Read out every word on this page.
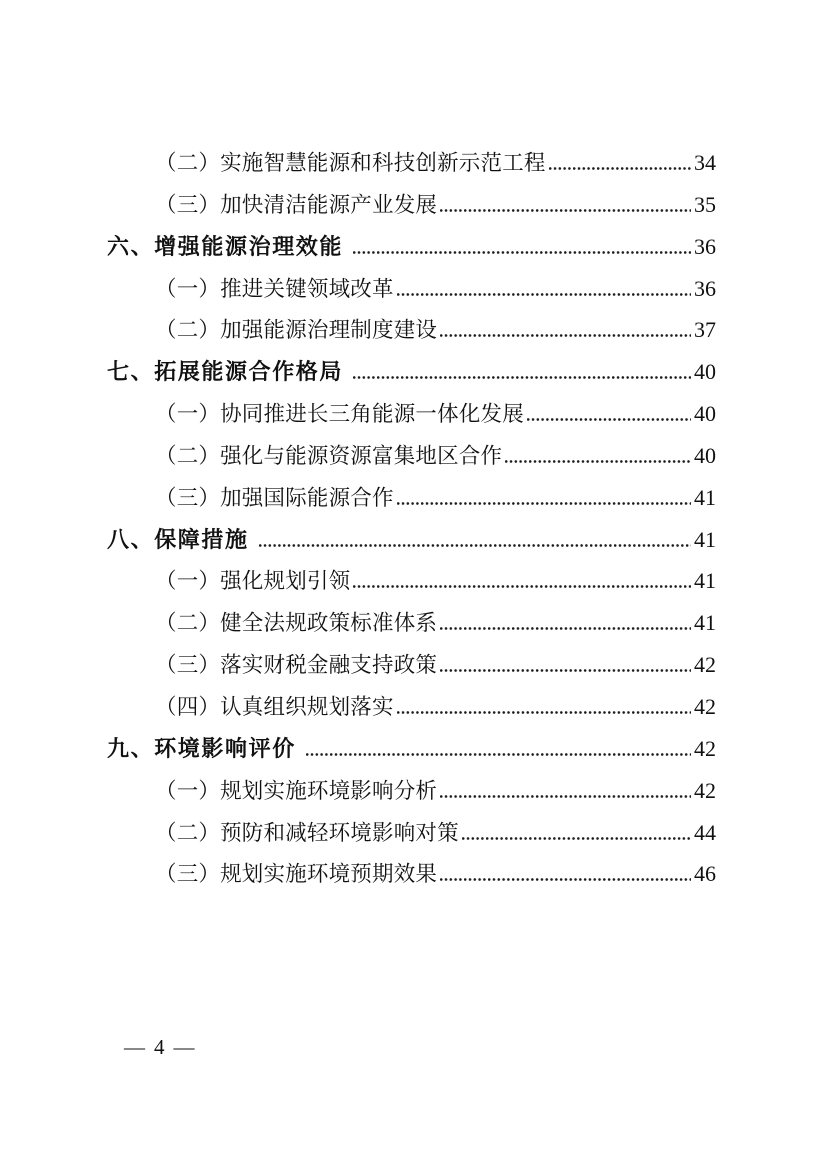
（二）实施智慧能源和科技创新示范工程	34
（三）加快清洁能源产业发展	35
六、增强能源治理效能	36
（一）推进关键领域改革	36
（二）加强能源治理制度建设	37
七、拓展能源合作格局	40
（一）协同推进长三角能源一体化发展	40
（二）强化与能源资源富集地区合作	40
（三）加强国际能源合作	41
八、保障措施	41
（一）强化规划引领	41
（二）健全法规政策标准体系	41
（三）落实财税金融支持政策	42
（四）认真组织规划落实	42
九、环境影响评价	42
（一）规划实施环境影响分析	42
（二）预防和减轻环境影响对策	44
（三）规划实施环境预期效果	46
— 4 —
